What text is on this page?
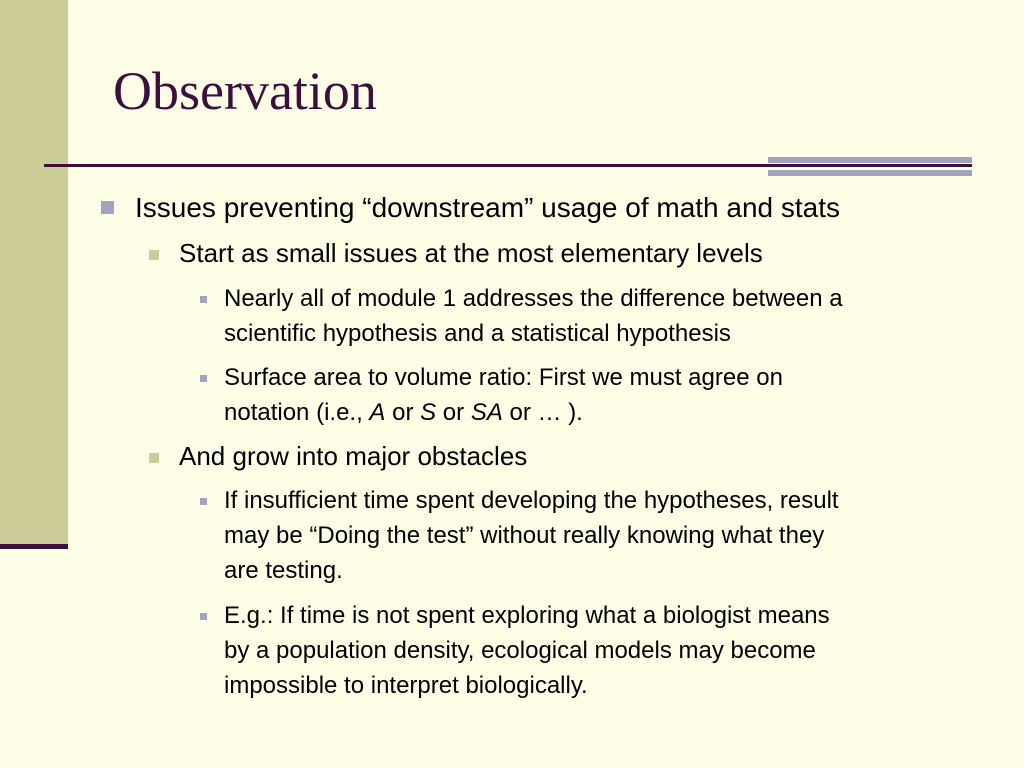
Observation
Issues preventing “downstream” usage of math and stats
Start as small issues at the most elementary levels
Nearly all of module 1 addresses the difference between a
scientific hypothesis and a statistical hypothesis
Surface area to volume ratio: First we must agree on
notation (i.e., A or S or SA or … ).
And grow into major obstacles
If insufficient time spent developing the hypotheses, result
may be “Doing the test” without really knowing what they
are testing.
E.g.: If time is not spent exploring what a biologist means
by a population density, ecological models may become
impossible to interpret biologically.
